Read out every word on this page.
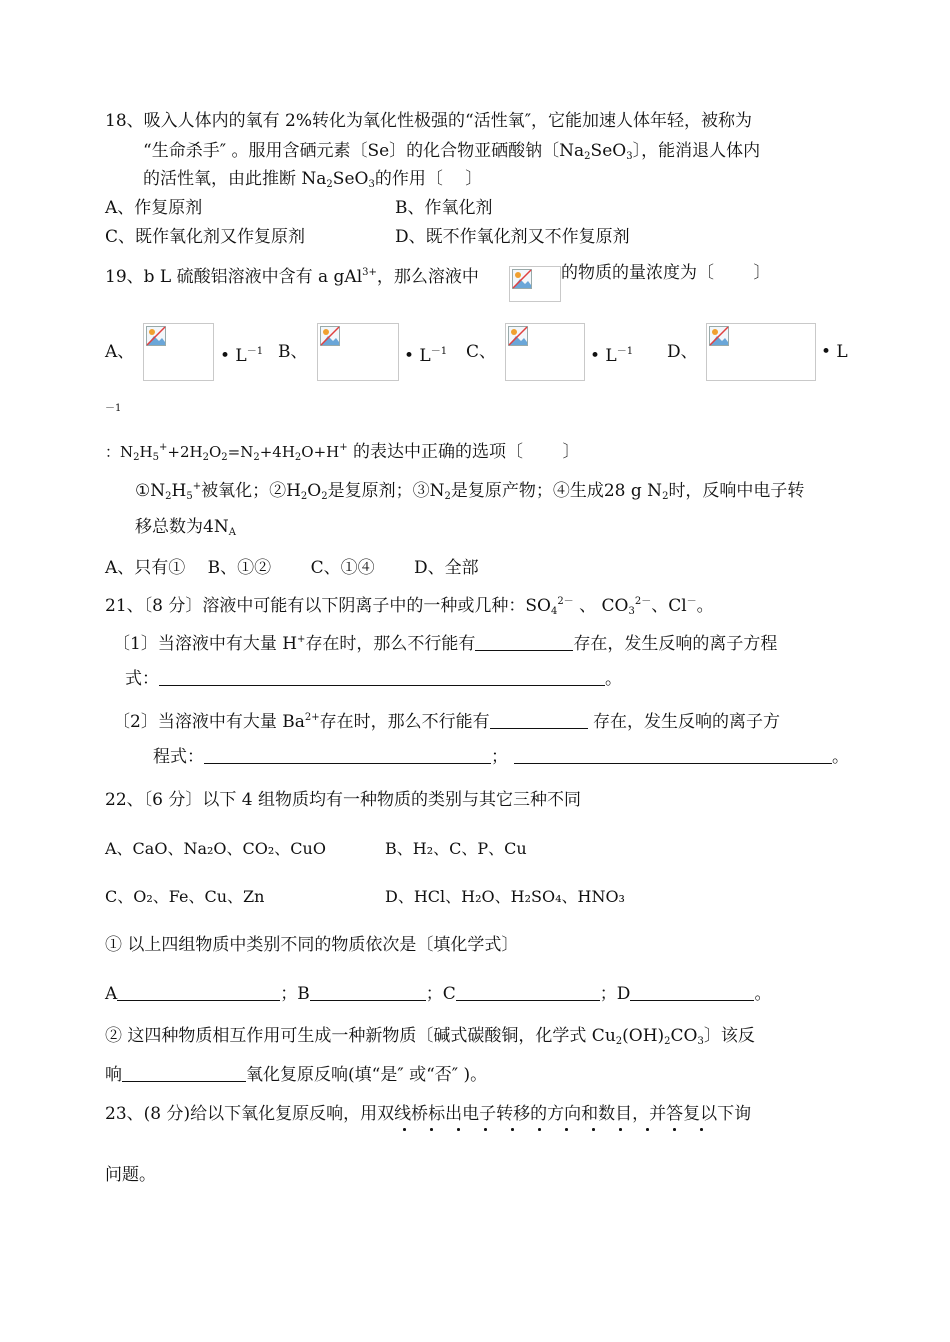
18、吸入人体内的氧有 2%转化为氧化性极强的“活性氧″，它能加速人体年轻，被称为
“生命杀手″ 。服用含硒元素〔Se〕的化合物亚硒酸钠〔$Na_2SeO_3$〕，能消退人体内
的活性氧，由此推断 $Na_2SeO_3$的作用〔　 〕
A、作复原剂	B、作氧化剂
C、既作氧化剂又作复原剂	D、既不作氧化剂又不作复原剂
19、b L 硫酸铝溶液中含有 a gAl$^{3+}$，那么溶液中	的物质的量浓度为〔　　 〕
A、	• $L^{-1}$ B、	• $L^{-1}$ C、	• $L^{-1}$ D、	• L
－1
：$N_2H_5^++2H_2O_2=N_2+4H_2O+H^+$ 的表达中正确的选项〔　　 〕
$①N_2H_5^+$被氧化；$②H_2O_2$是复原剂；$③N_2$是复原产物；④生成28 g $N_2$时，反响中电子转
移总数为$4N_A$
A、只有①　 B、①②　　 C、①④　　 D、全部
21、〔8 分〕溶液中可能有以下阴离子中的一种或几种：$SO_4^{2-}$ 、 $CO_3^{2-}$、Cl－。
〔1〕当溶液中有大量 H+存在时，那么不行能有	存在，发生反响的离子方程
式：	。
〔2〕当溶液中有大量 $Ba^{2+}$存在时，那么不行能有	存在，发生反响的离子方
程式：	；	。
22、〔6 分〕以下 4 组物质均有一种物质的类别与其它三种不同
A、CaO、Na₂O、CO₂、CuO	B、H₂、C、P、Cu
C、O₂、Fe、Cu、Zn	D、HCl、H₂O、H₂SO₄、HNO₃
① 以上四组物质中类别不同的物质依次是〔填化学式〕
A	；B	；C	；D	。
② 这四种物质相互作用可生成一种新物质〔碱式碳酸铜，化学式 $Cu_2(OH)_2CO_3$〕该反
响	氧化复原反响(填“是″ 或“否″ )。
23、(8 分)给以下氧化复原反响，用双线桥标出电子转移的方向和数目，并答复以下询
问题。
